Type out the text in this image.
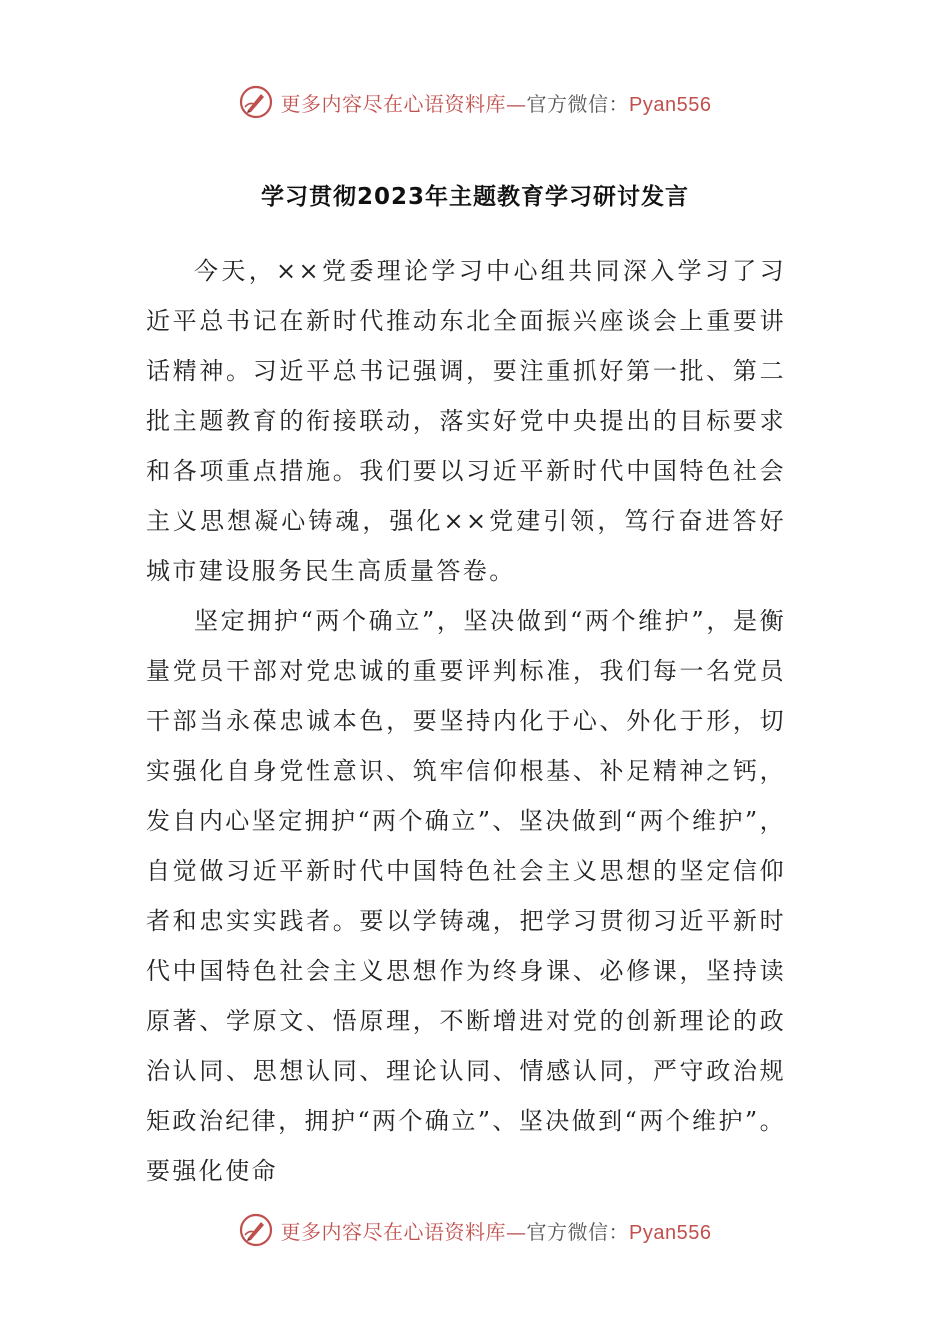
更多内容尽在心语资料库—官方微信：Pyan556
学习贯彻2023年主题教育学习研讨发言

今天，××党委理论学习中心组共同深入学习了习近平总书记在新时代推动东北全面振兴座谈会上重要讲话精神。习近平总书记强调，要注重抓好第一批、第二批主题教育的衔接联动，落实好党中央提出的目标要求和各项重点措施。我们要以习近平新时代中国特色社会主义思想凝心铸魂，强化××党建引领，笃行奋进答好城市建设服务民生高质量答卷。

坚定拥护“两个确立”，坚决做到“两个维护”，是衡量党员干部对党忠诚的重要评判标准，我们每一名党员干部当永葆忠诚本色，要坚持内化于心、外化于形，切实强化自身党性意识、筑牢信仰根基、补足精神之钙，发自内心坚定拥护“两个确立”、坚决做到“两个维护”，自觉做习近平新时代中国特色社会主义思想的坚定信仰者和忠实实践者。要以学铸魂，把学习贯彻习近平新时代中国特色社会主义思想作为终身课、必修课，坚持读原著、学原文、悟原理，不断增进对党的创新理论的政治认同、思想认同、理论认同、情感认同，严守政治规矩政治纪律，拥护“两个确立”、坚决做到“两个维护”。要强化使命

更多内容尽在心语资料库—官方微信：Pyan556
